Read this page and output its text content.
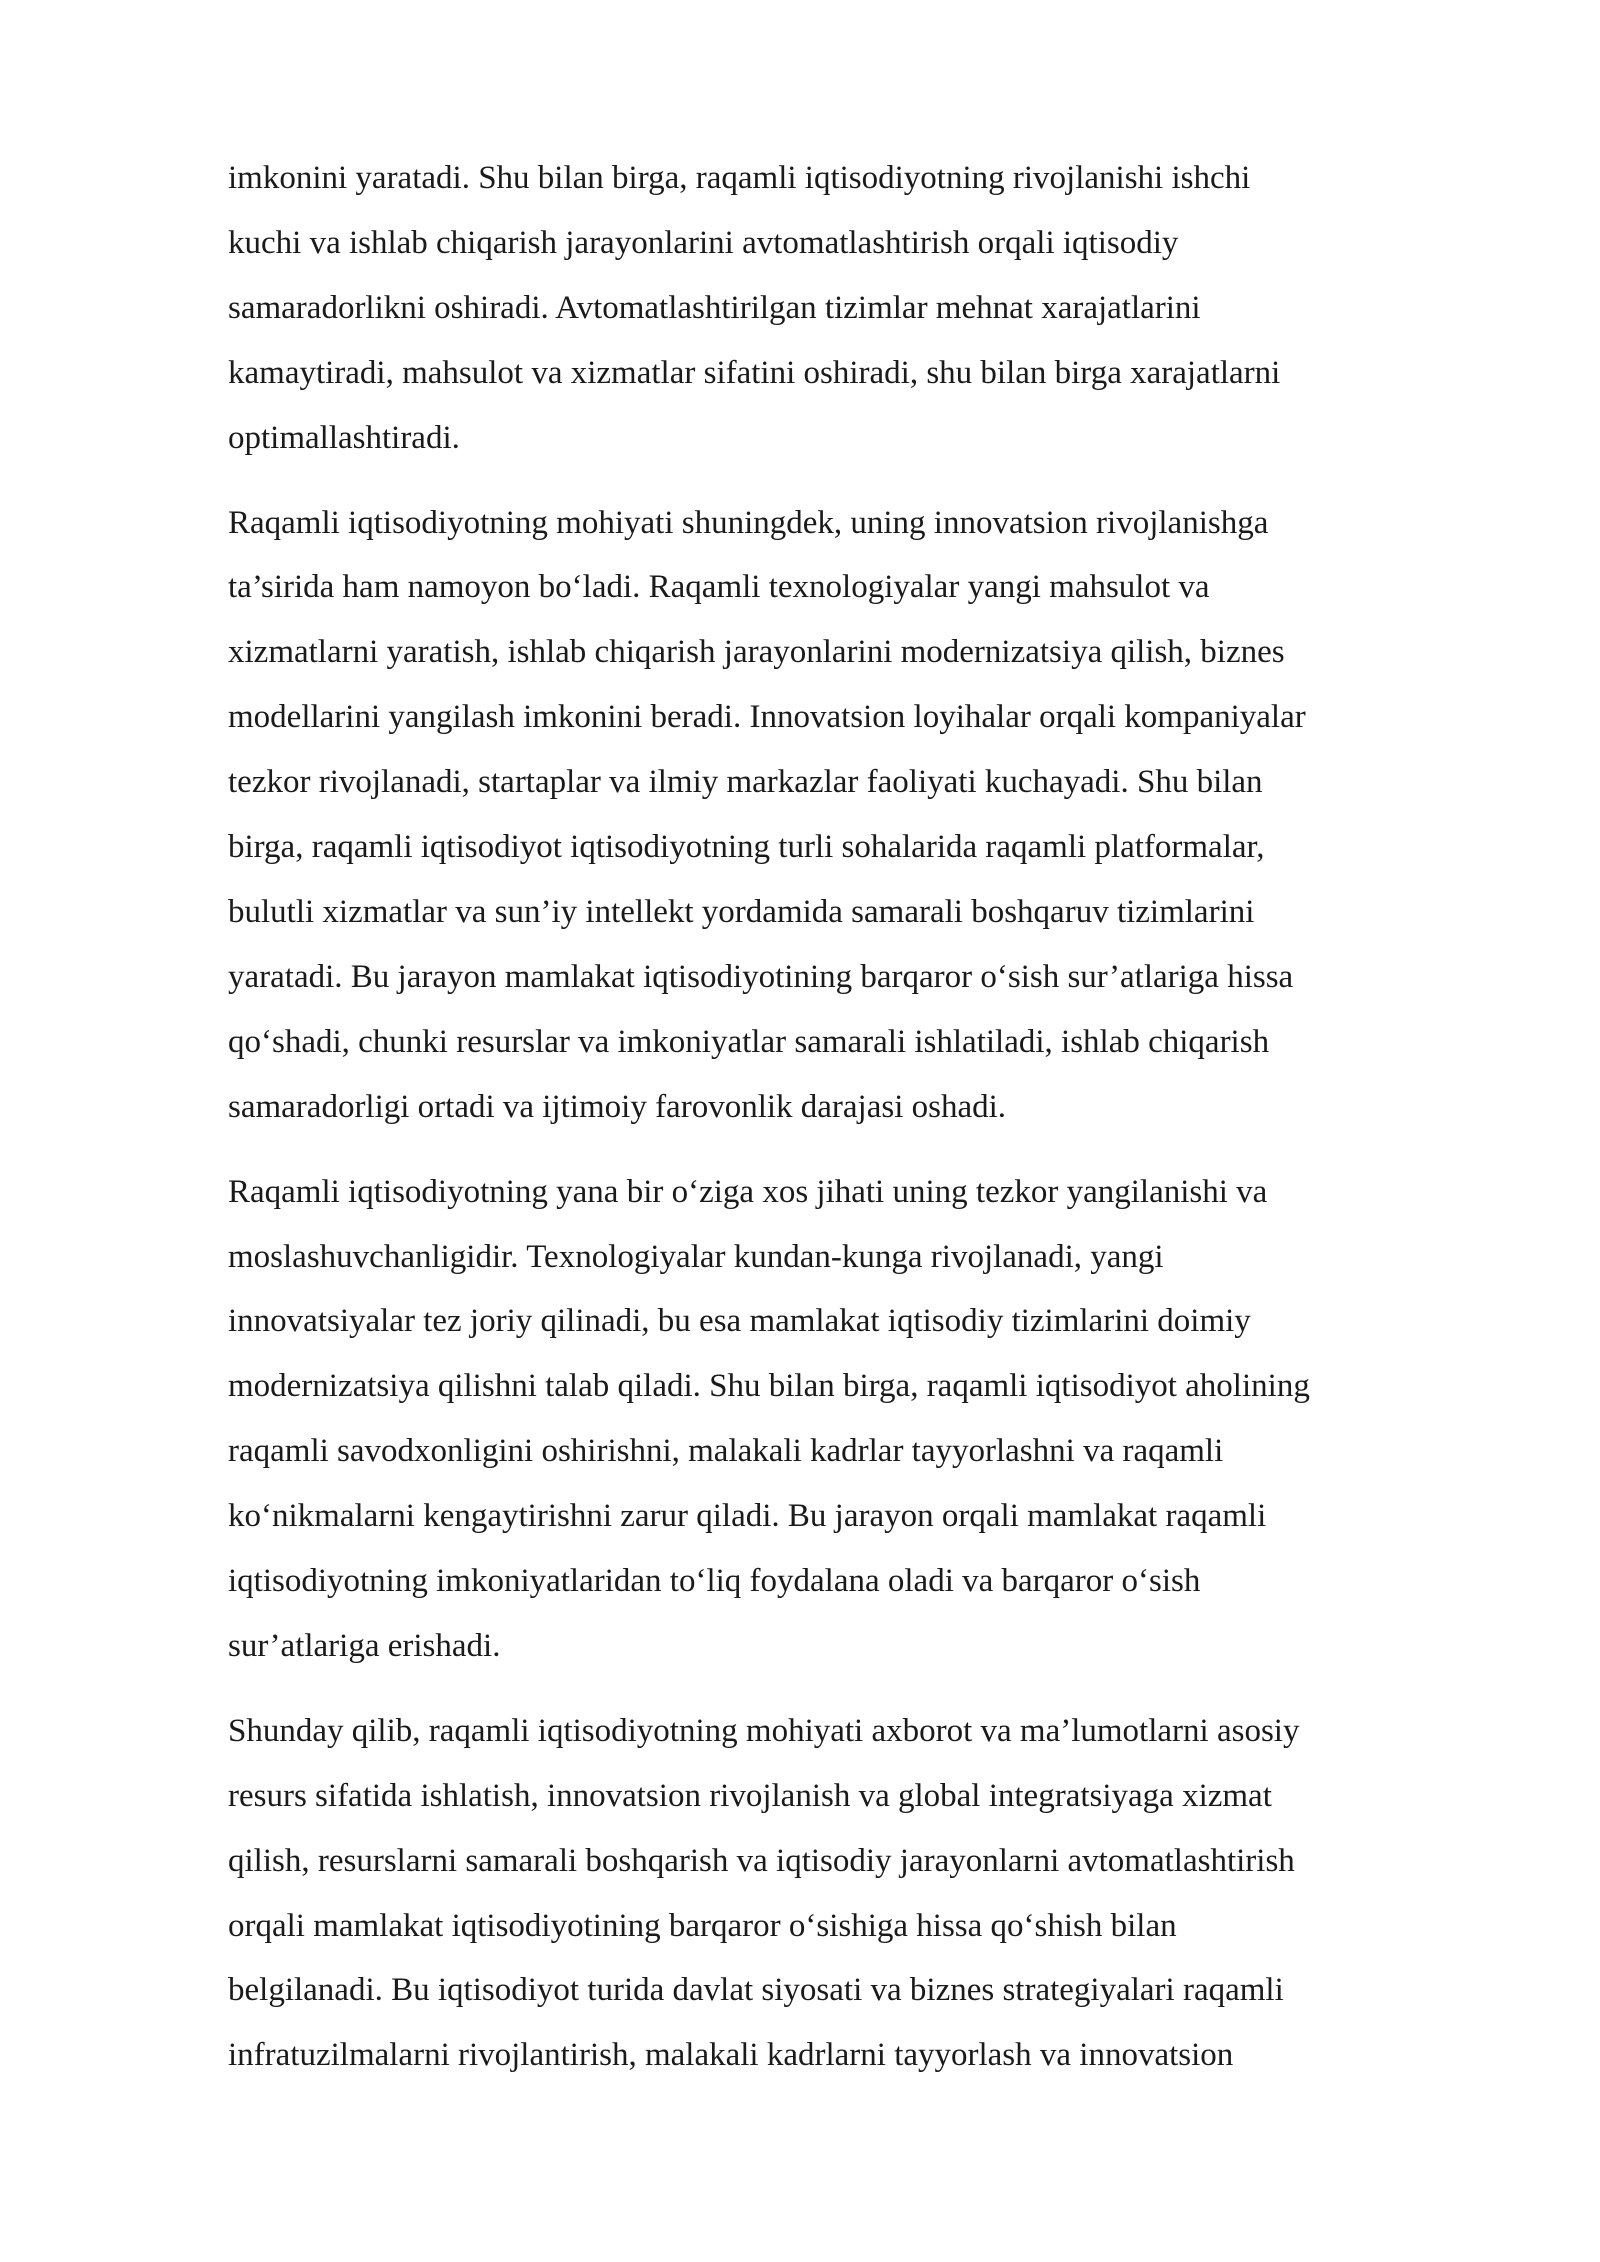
imkonini yaratadi. Shu bilan birga, raqamli iqtisodiyotning rivojlanishi ishchi
kuchi va ishlab chiqarish jarayonlarini avtomatlashtirish orqali iqtisodiy
samaradorlikni oshiradi. Avtomatlashtirilgan tizimlar mehnat xarajatlarini
kamaytiradi, mahsulot va xizmatlar sifatini oshiradi, shu bilan birga xarajatlarni
optimallashtiradi.

Raqamli iqtisodiyotning mohiyati shuningdek, uning innovatsion rivojlanishga
ta’sirida ham namoyon bo‘ladi. Raqamli texnologiyalar yangi mahsulot va
xizmatlarni yaratish, ishlab chiqarish jarayonlarini modernizatsiya qilish, biznes
modellarini yangilash imkonini beradi. Innovatsion loyihalar orqali kompaniyalar
tezkor rivojlanadi, startaplar va ilmiy markazlar faoliyati kuchayadi. Shu bilan
birga, raqamli iqtisodiyot iqtisodiyotning turli sohalarida raqamli platformalar,
bulutli xizmatlar va sun’iy intellekt yordamida samarali boshqaruv tizimlarini
yaratadi. Bu jarayon mamlakat iqtisodiyotining barqaror o‘sish sur’atlariga hissa
qo‘shadi, chunki resurslar va imkoniyatlar samarali ishlatiladi, ishlab chiqarish
samaradorligi ortadi va ijtimoiy farovonlik darajasi oshadi.

Raqamli iqtisodiyotning yana bir o‘ziga xos jihati uning tezkor yangilanishi va
moslashuvchanligidir. Texnologiyalar kundan-kunga rivojlanadi, yangi
innovatsiyalar tez joriy qilinadi, bu esa mamlakat iqtisodiy tizimlarini doimiy
modernizatsiya qilishni talab qiladi. Shu bilan birga, raqamli iqtisodiyot aholining
raqamli savodxonligini oshirishni, malakali kadrlar tayyorlashni va raqamli
ko‘nikmalarni kengaytirishni zarur qiladi. Bu jarayon orqali mamlakat raqamli
iqtisodiyotning imkoniyatlaridan to‘liq foydalana oladi va barqaror o‘sish
sur’atlariga erishadi.

Shunday qilib, raqamli iqtisodiyotning mohiyati axborot va ma’lumotlarni asosiy
resurs sifatida ishlatish, innovatsion rivojlanish va global integratsiyaga xizmat
qilish, resurslarni samarali boshqarish va iqtisodiy jarayonlarni avtomatlashtirish
orqali mamlakat iqtisodiyotining barqaror o‘sishiga hissa qo‘shish bilan
belgilanadi. Bu iqtisodiyot turida davlat siyosati va biznes strategiyalari raqamli
infratuzilmalarni rivojlantirish, malakali kadrlarni tayyorlash va innovatsion
